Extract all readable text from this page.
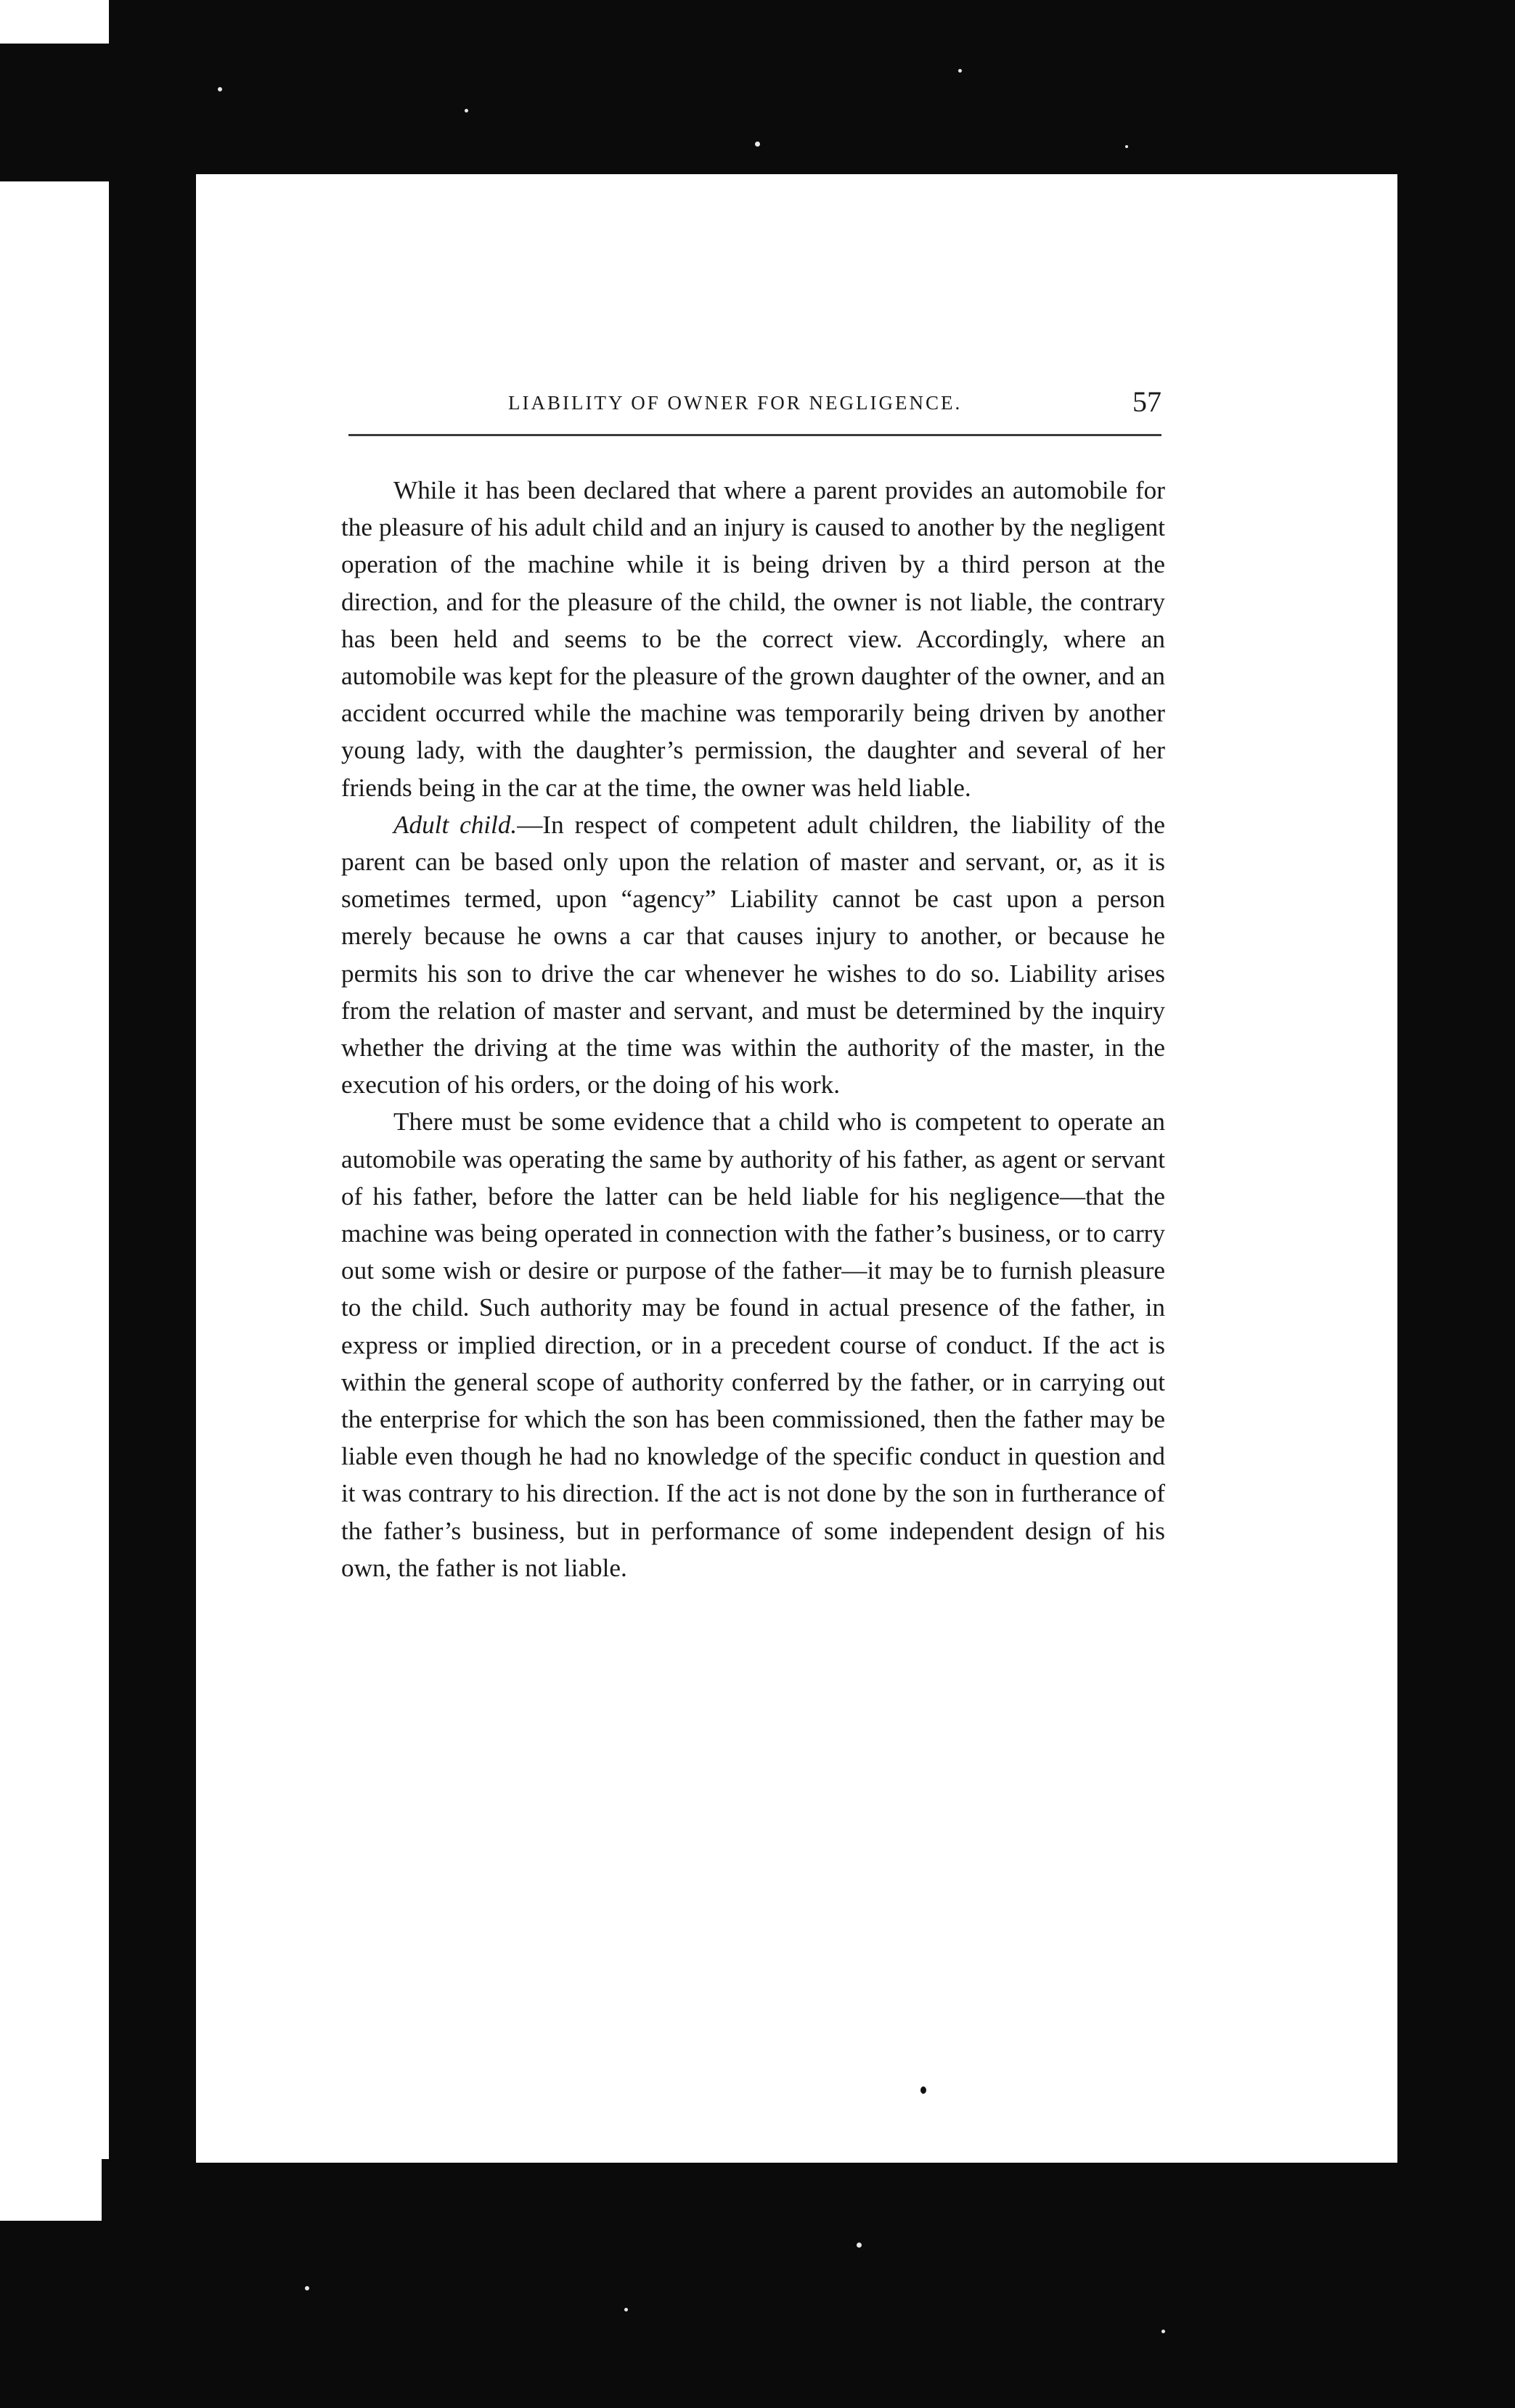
LIABILITY OF OWNER FOR NEGLIGENCE.	57

While it has been declared that where a parent provides an automobile for the pleasure of his adult child and an injury is caused to another by the negligent operation of the machine while it is being driven by a third person at the direction, and for the pleasure of the child, the owner is not liable, the contrary has been held and seems to be the correct view. Accordingly, where an automobile was kept for the pleasure of the grown daughter of the owner, and an accident occurred while the machine was temporarily being driven by another young lady, with the daughter’s permission, the daughter and several of her friends being in the car at the time, the owner was held liable.

Adult child.—In respect of competent adult children, the liability of the parent can be based only upon the relation of master and servant, or, as it is sometimes termed, upon “agency” Liability cannot be cast upon a person merely because he owns a car that causes injury to another, or because he permits his son to drive the car whenever he wishes to do so. Liability arises from the relation of master and servant, and must be determined by the inquiry whether the driving at the time was within the authority of the master, in the execution of his orders, or the doing of his work.

There must be some evidence that a child who is competent to operate an automobile was operating the same by authority of his father, as agent or servant of his father, before the latter can be held liable for his negligence—that the machine was being operated in connection with the father’s business, or to carry out some wish or desire or purpose of the father—it may be to furnish pleasure to the child. Such authority may be found in actual presence of the father, in express or implied direction, or in a precedent course of conduct. If the act is within the general scope of authority conferred by the father, or in carrying out the enterprise for which the son has been commissioned, then the father may be liable even though he had no knowledge of the specific conduct in question and it was contrary to his direction. If the act is not done by the son in furtherance of the father’s business, but in performance of some independent design of his own, the father is not liable.
